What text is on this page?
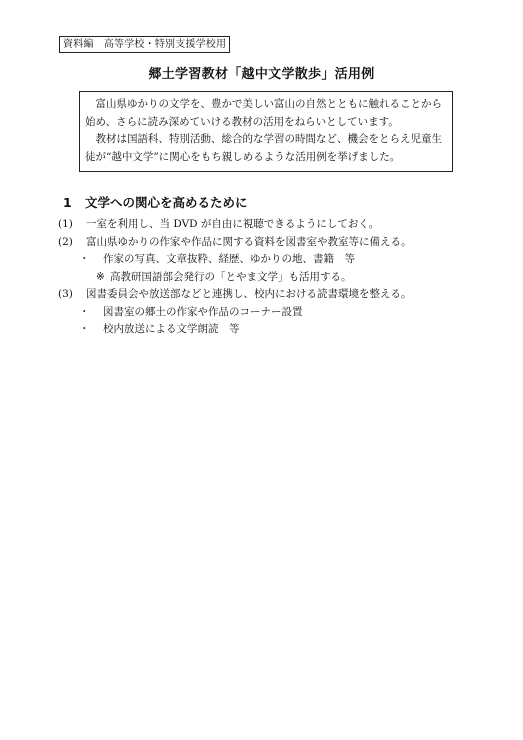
資料編　高等学校・特別支援学校用
郷土学習教材「越中文学散歩」活用例

富山県ゆかりの文学を、豊かで美しい富山の自然とともに触れることから始め、さらに読み深めていける教材の活用をねらいとしています。

教材は国語科、特別活動、総合的な学習の時間など、機会をとらえ児童生徒が“越中文学”に関心をもち親しめるような活用例を挙げました。

1 文学への関心を高めるために
(1) 一室を利用し、当 DVD が自由に視聴できるようにしておく。
(2) 富山県ゆかりの作家や作品に関する資料を図書室や教室等に備える。
・ 作家の写真、文章抜粋、経歴、ゆかりの地、書籍　等
※ 高教研国語部会発行の「とやま文学」も活用する。
(3) 図書委員会や放送部などと連携し、校内における読書環境を整える。
・ 図書室の郷土の作家や作品のコーナー設置
・ 校内放送による文学朗読　等
